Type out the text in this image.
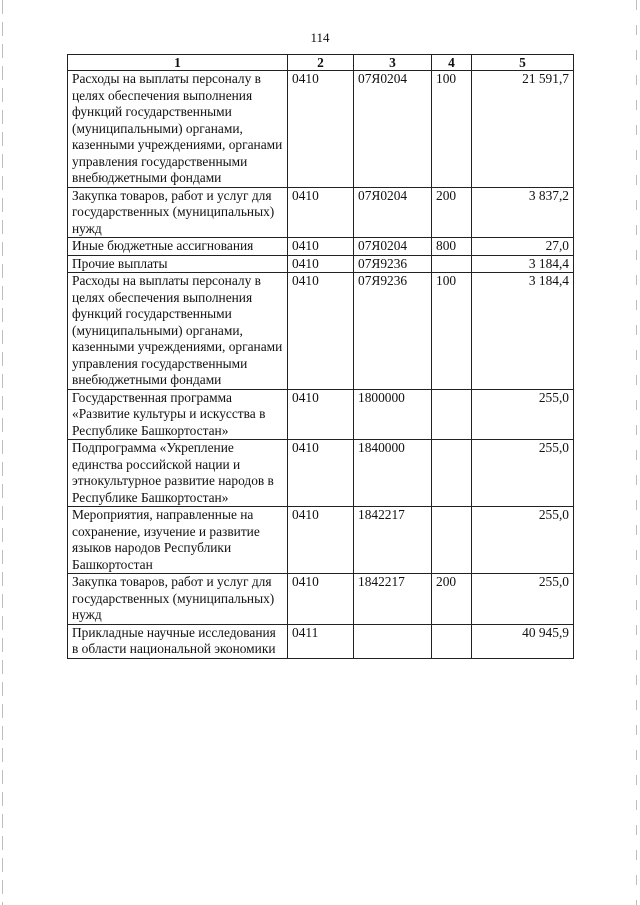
114
1	2	3	4	5
Расходы на выплаты персоналу в целях обеспечения выполнения функций государственными (муниципальными) органами, казенными учреждениями, органами управления государственными внебюджетными фондами	0410	07Я0204	100	21 591,7
Закупка товаров, работ и услуг для государственных (муниципальных) нужд	0410	07Я0204	200	3 837,2
Иные бюджетные ассигнования	0410	07Я0204	800	27,0
Прочие выплаты	0410	07Я9236		3 184,4
Расходы на выплаты персоналу в целях обеспечения выполнения функций государственными (муниципальными) органами, казенными учреждениями, органами управления государственными внебюджетными фондами	0410	07Я9236	100	3 184,4
Государственная программа «Развитие культуры и искусства в Республике Башкортостан»	0410	1800000		255,0
Подпрограмма «Укрепление единства российской нации и этнокультурное развитие народов в Республике Башкортостан»	0410	1840000		255,0
Мероприятия, направленные на сохранение, изучение и развитие языков народов Республики Башкортостан	0410	1842217		255,0
Закупка товаров, работ и услуг для государственных (муниципальных) нужд	0410	1842217	200	255,0
Прикладные научные исследования в области национальной экономики	0411			40 945,9
